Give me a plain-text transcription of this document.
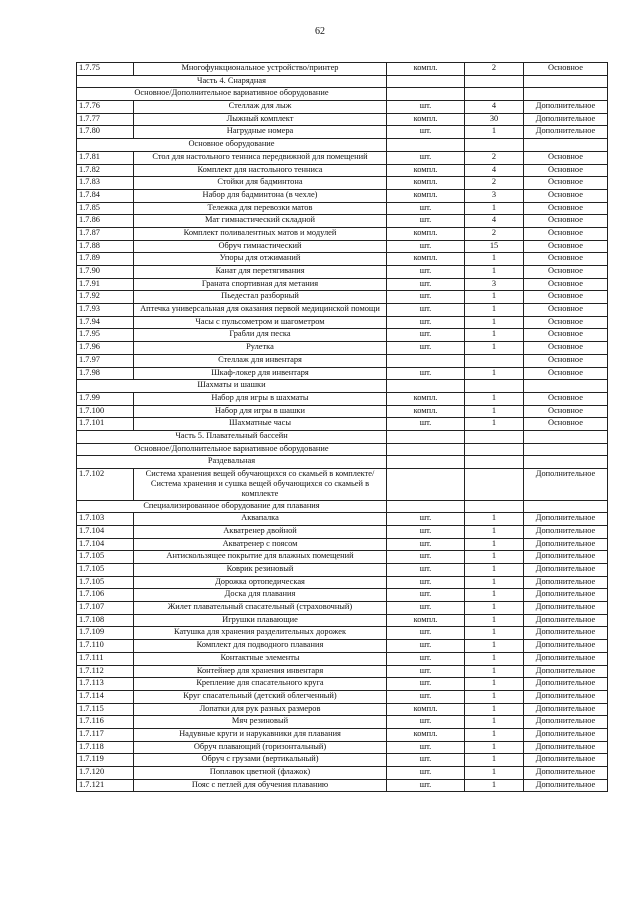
62
1.7.75	Многофункциональное устройство/принтер	компл.	2	Основное
Часть 4. Снарядная				
Основное/Дополнительное вариативное оборудование				
1.7.76	Стеллаж для лыж	шт.	4	Дополнительное
1.7.77	Лыжный комплект	компл.	30	Дополнительное
1.7.80	Нагрудные номера	шт.	1	Дополнительное
Основное оборудование				
1.7.81	Стол для настольного тенниса передвижной для помещений	шт.	2	Основное
1.7.82	Комплект для настольного тенниса	компл.	4	Основное
1.7.83	Стойки для бадминтона	компл.	2	Основное
1.7.84	Набор для бадминтона (в чехле)	компл.	3	Основное
1.7.85	Тележка для перевозки матов	шт.	1	Основное
1.7.86	Мат гимнастический складной	шт.	4	Основное
1.7.87	Комплект поливалентных матов и модулей	компл.	2	Основное
1.7.88	Обруч гимнастический	шт.	15	Основное
1.7.89	Упоры для отжиманий	компл.	1	Основное
1.7.90	Канат для перетягивания	шт.	1	Основное
1.7.91	Граната спортивная для метания	шт.	3	Основное
1.7.92	Пьедестал разборный	шт.	1	Основное
1.7.93	Аптечка универсальная для оказания первой медицинской помощи	шт.	1	Основное
1.7.94	Часы с пульсометром и шагометром	шт.	1	Основное
1.7.95	Грабли для песка	шт.	1	Основное
1.7.96	Рулетка	шт.	1	Основное
1.7.97	Стеллаж для инвентаря			Основное
1.7.98	Шкаф-локер для инвентаря	шт.	1	Основное
Шахматы и шашки				
1.7.99	Набор для игры в шахматы	компл.	1	Основное
1.7.100	Набор для игры в шашки	компл.	1	Основное
1.7.101	Шахматные часы	шт.	1	Основное
Часть 5. Плавательный бассейн				
Основное/Дополнительное вариативное оборудование				
Раздевальная				
1.7.102	Система хранения вещей обучающихся со скамьей в комплекте/Система хранения и сушка вещей обучающихся со скамьей в комплекте			Дополнительное
Специализированное оборудование для плавания				
1.7.103	Аквапалка	шт.	1	Дополнительное
1.7.104	Акватренер двойной	шт.	1	Дополнительное
1.7.104	Акватренер с поясом	шт.	1	Дополнительное
1.7.105	Антискользящее покрытие для влажных помещений	шт.	1	Дополнительное
1.7.105	Коврик резиновый	шт.	1	Дополнительное
1.7.105	Дорожка ортопедическая	шт.	1	Дополнительное
1.7.106	Доска для плавания	шт.	1	Дополнительное
1.7.107	Жилет плавательный спасательный (страховочный)	шт.	1	Дополнительное
1.7.108	Игрушки плавающие	компл.	1	Дополнительное
1.7.109	Катушка для хранения разделительных дорожек	шт.	1	Дополнительное
1.7.110	Комплект для подводного плавания	шт.	1	Дополнительное
1.7.111	Контактные элементы	шт.	1	Дополнительное
1.7.112	Контейнер для хранения инвентаря	шт.	1	Дополнительное
1.7.113	Крепление для спасательного круга	шт.	1	Дополнительное
1.7.114	Круг спасательный (детский облегченный)	шт.	1	Дополнительное
1.7.115	Лопатки для рук разных размеров	компл.	1	Дополнительное
1.7.116	Мяч резиновый	шт.	1	Дополнительное
1.7.117	Надувные круги и нарукавники для плавания	компл.	1	Дополнительное
1.7.118	Обруч плавающий (горизонтальный)	шт.	1	Дополнительное
1.7.119	Обруч с грузами (вертикальный)	шт.	1	Дополнительное
1.7.120	Поплавок цветной (флажок)	шт.	1	Дополнительное
1.7.121	Пояс с петлей для обучения плаванию	шт.	1	Дополнительное
